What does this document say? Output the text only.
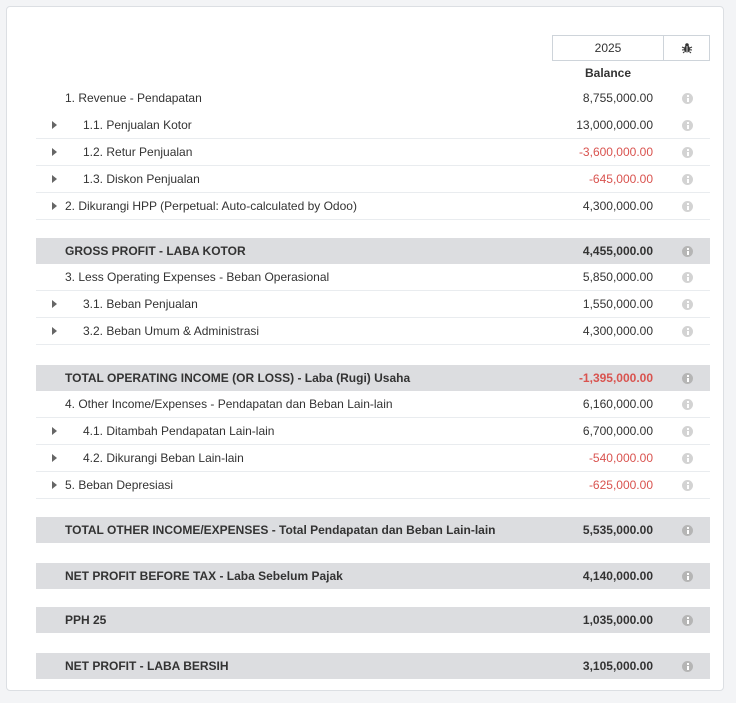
2025
Balance
1. Revenue - Pendapatan	8,755,000.00
1.1. Penjualan Kotor	13,000,000.00
1.2. Retur Penjualan	-3,600,000.00
1.3. Diskon Penjualan	-645,000.00
2. Dikurangi HPP (Perpetual: Auto-calculated by Odoo)	4,300,000.00
GROSS PROFIT - LABA KOTOR	4,455,000.00
3. Less Operating Expenses - Beban Operasional	5,850,000.00
3.1. Beban Penjualan	1,550,000.00
3.2. Beban Umum & Administrasi	4,300,000.00
TOTAL OPERATING INCOME (OR LOSS) - Laba (Rugi) Usaha	-1,395,000.00
4. Other Income/Expenses - Pendapatan dan Beban Lain-lain	6,160,000.00
4.1. Ditambah Pendapatan Lain-lain	6,700,000.00
4.2. Dikurangi Beban Lain-lain	-540,000.00
5. Beban Depresiasi	-625,000.00
TOTAL OTHER INCOME/EXPENSES - Total Pendapatan dan Beban Lain-lain	5,535,000.00
NET PROFIT BEFORE TAX - Laba Sebelum Pajak	4,140,000.00
PPH 25	1,035,000.00
NET PROFIT - LABA BERSIH	3,105,000.00
